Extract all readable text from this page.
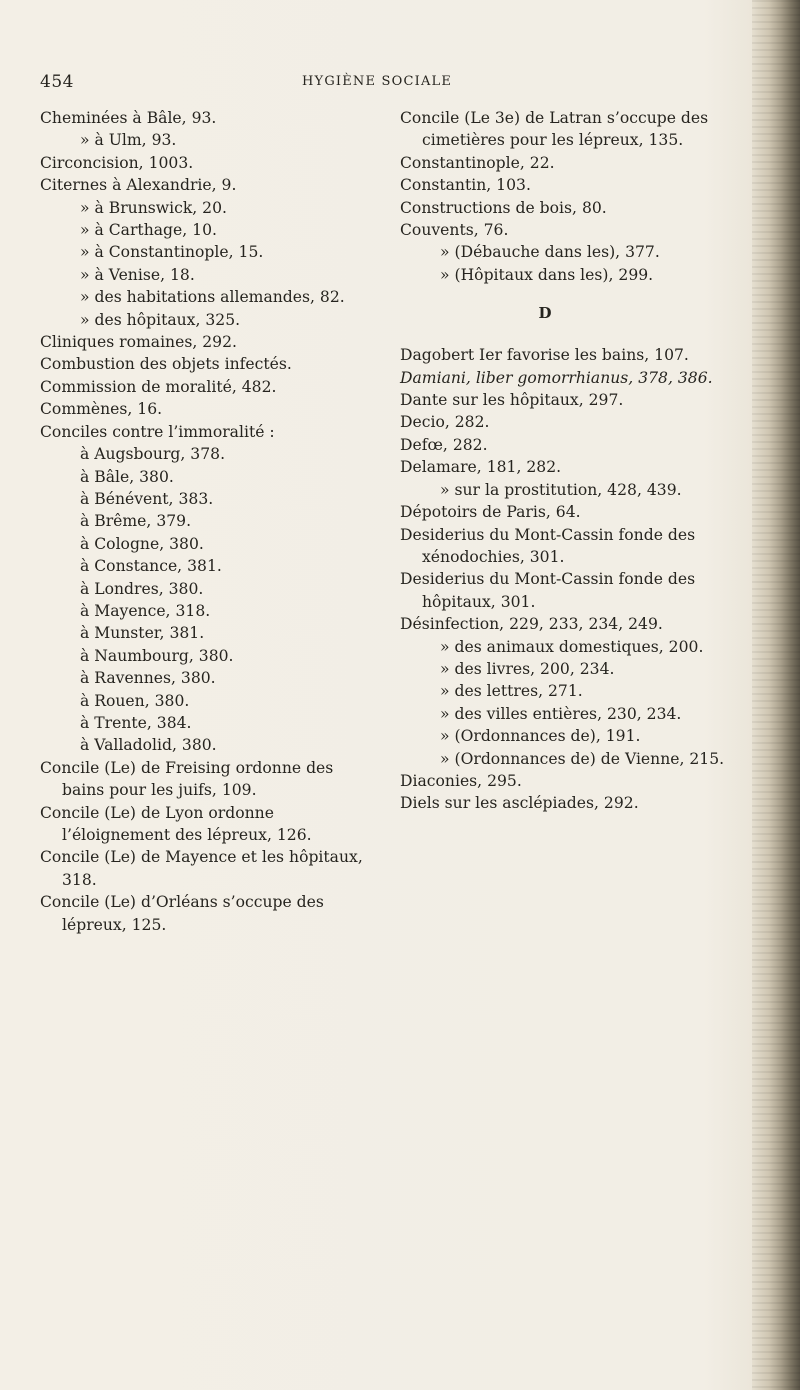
454	HYGIÈNE SOCIALE
Cheminées à Bâle, 93.
» à Ulm, 93.
Circoncision, 1003.
Citernes à Alexandrie, 9.
» à Brunswick, 20.
» à Carthage, 10.
» à Constantinople, 15.
» à Venise, 18.
» des habitations allemandes, 82.
» des hôpitaux, 325.
Cliniques romaines, 292.
Combustion des objets infectés.
Commission de moralité, 482.
Commènes, 16.
Conciles contre l’immoralité :
à Augsbourg, 378.
à Bâle, 380.
à Bénévent, 383.
à Brême, 379.
à Cologne, 380.
à Constance, 381.
à Londres, 380.
à Mayence, 318.
à Munster, 381.
à Naumbourg, 380.
à Ravennes, 380.
à Rouen, 380.
à Trente, 384.
à Valladolid, 380.
Concile (Le) de Freising ordonne des bains pour les juifs, 109.
Concile (Le) de Lyon ordonne l’éloignement des lépreux, 126.
Concile (Le) de Mayence et les hôpitaux, 318.
Concile (Le) d’Orléans s’occupe des lépreux, 125.
Concile (Le 3e) de Latran s’occupe des cimetières pour les lépreux, 135.
Constantinople, 22.
Constantin, 103.
Constructions de bois, 80.
Couvents, 76.
» (Débauche dans les), 377.
» (Hôpitaux dans les), 299.
D
Dagobert Ier favorise les bains, 107.
Damiani, liber gomorrhianus, 378, 386.
Dante sur les hôpitaux, 297.
Decio, 282.
Defœ, 282.
Delamare, 181, 282.
» sur la prostitution, 428, 439.
Dépotoirs de Paris, 64.
Desiderius du Mont-Cassin fonde des xénodochies, 301.
Desiderius du Mont-Cassin fonde des hôpitaux, 301.
Désinfection, 229, 233, 234, 249.
» des animaux domestiques, 200.
» des livres, 200, 234.
» des lettres, 271.
» des villes entières, 230, 234.
» (Ordonnances de), 191.
» (Ordonnances de) de Vienne, 215.
Diaconies, 295.
Diels sur les asclépiades, 292.
